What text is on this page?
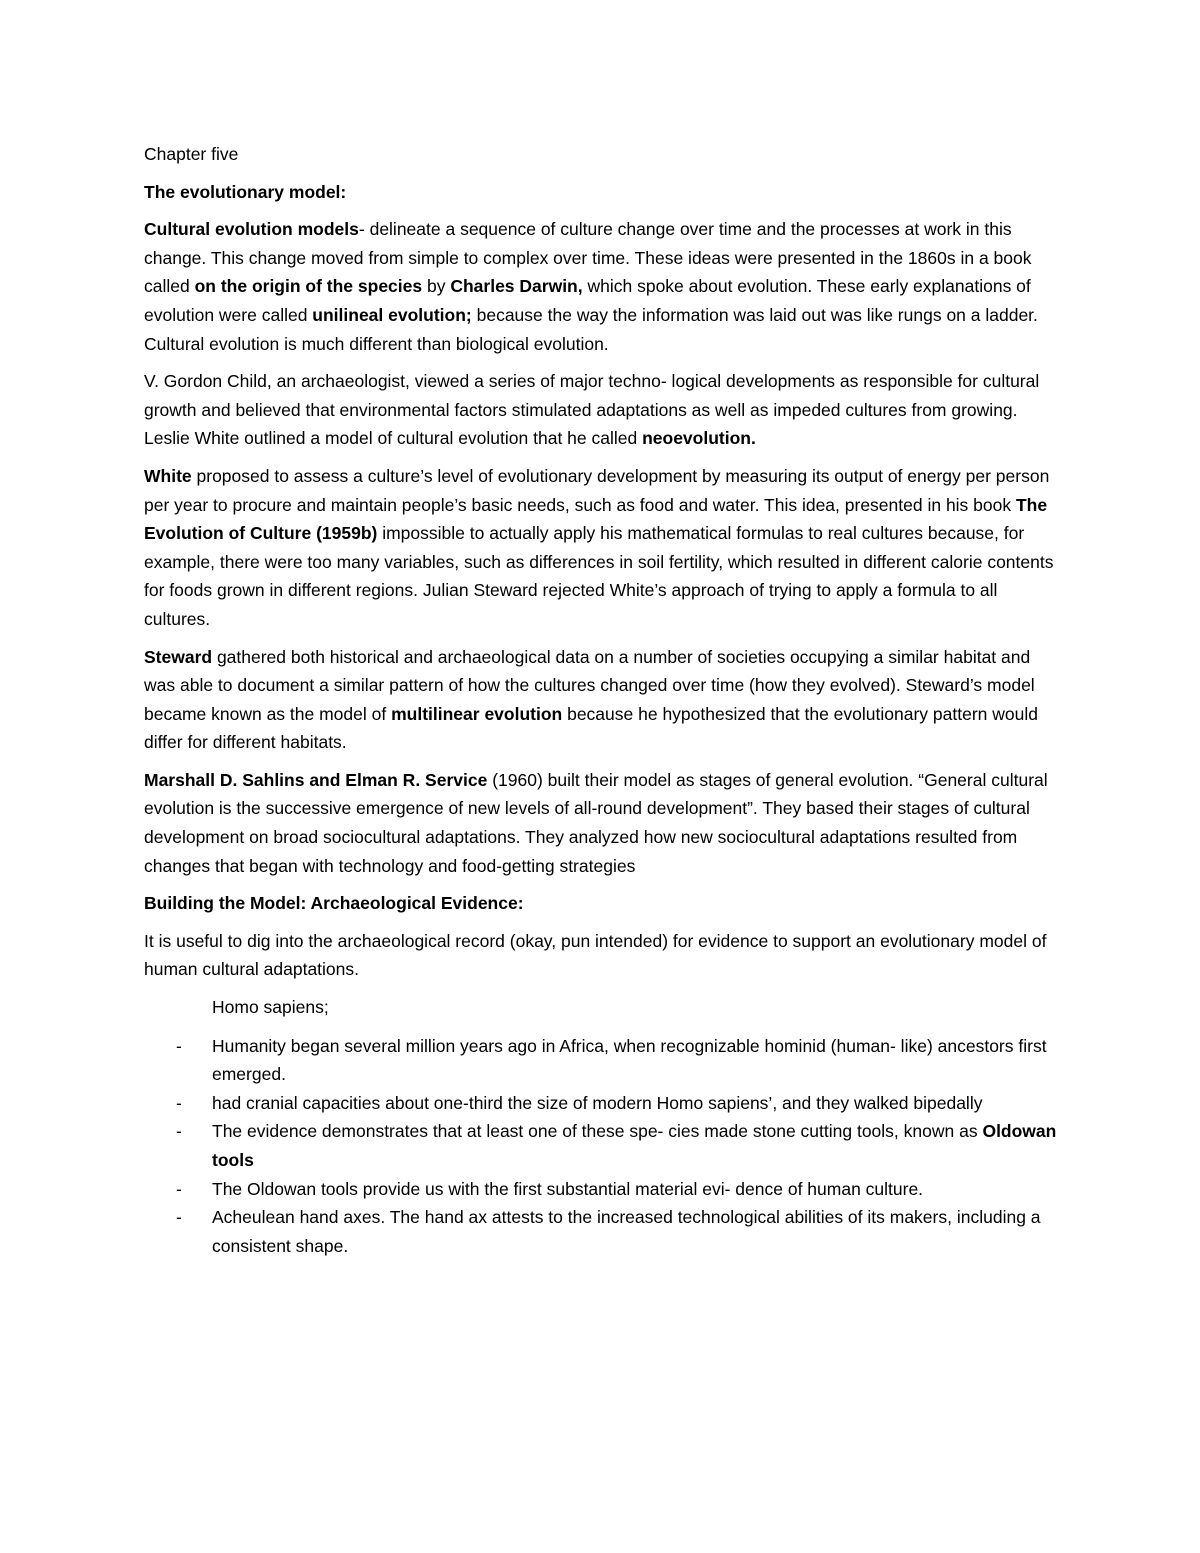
Chapter five

The evolutionary model:

Cultural evolution models- delineate a sequence of culture change over time and the processes at work in this change. This change moved from simple to complex over time. These ideas were presented in the 1860s in a book called on the origin of the species by Charles Darwin, which spoke about evolution. These early explanations of evolution were called unilineal evolution; because the way the information was laid out was like rungs on a ladder. Cultural evolution is much different than biological evolution.

V. Gordon Child, an archaeologist, viewed a series of major techno- logical developments as responsible for cultural growth and believed that environmental factors stimulated adaptations as well as impeded cultures from growing. Leslie White outlined a model of cultural evolution that he called neoevolution.

White proposed to assess a culture’s level of evolutionary development by measuring its output of energy per person per year to procure and maintain people’s basic needs, such as food and water. This idea, presented in his book The Evolution of Culture (1959b) impossible to actually apply his mathematical formulas to real cultures because, for example, there were too many variables, such as differences in soil fertility, which resulted in different calorie contents for foods grown in different regions. Julian Steward rejected White’s approach of trying to apply a formula to all cultures.

Steward gathered both historical and archaeological data on a number of societies occupying a similar habitat and was able to document a similar pattern of how the cultures changed over time (how they evolved). Steward’s model became known as the model of multilinear evolution because he hypothesized that the evolutionary pattern would differ for different habitats.

Marshall D. Sahlins and Elman R. Service (1960) built their model as stages of general evolution. “General cultural evolution is the successive emergence of new levels of all-round development”. They based their stages of cultural development on broad sociocultural adaptations. They analyzed how new sociocultural adaptations resulted from changes that began with technology and food-getting strategies

Building the Model: Archaeological Evidence:

It is useful to dig into the archaeological record (okay, pun intended) for evidence to support an evolutionary model of human cultural adaptations.

Homo sapiens;

- Humanity began several million years ago in Africa, when recognizable hominid (human- like) ancestors first emerged.
- had cranial capacities about one-third the size of modern Homo sapiens’, and they walked bipedally
- The evidence demonstrates that at least one of these spe- cies made stone cutting tools, known as Oldowan tools
- The Oldowan tools provide us with the first substantial material evi- dence of human culture.
- Acheulean hand axes. The hand ax attests to the increased technological abilities of its makers, including a consistent shape.
